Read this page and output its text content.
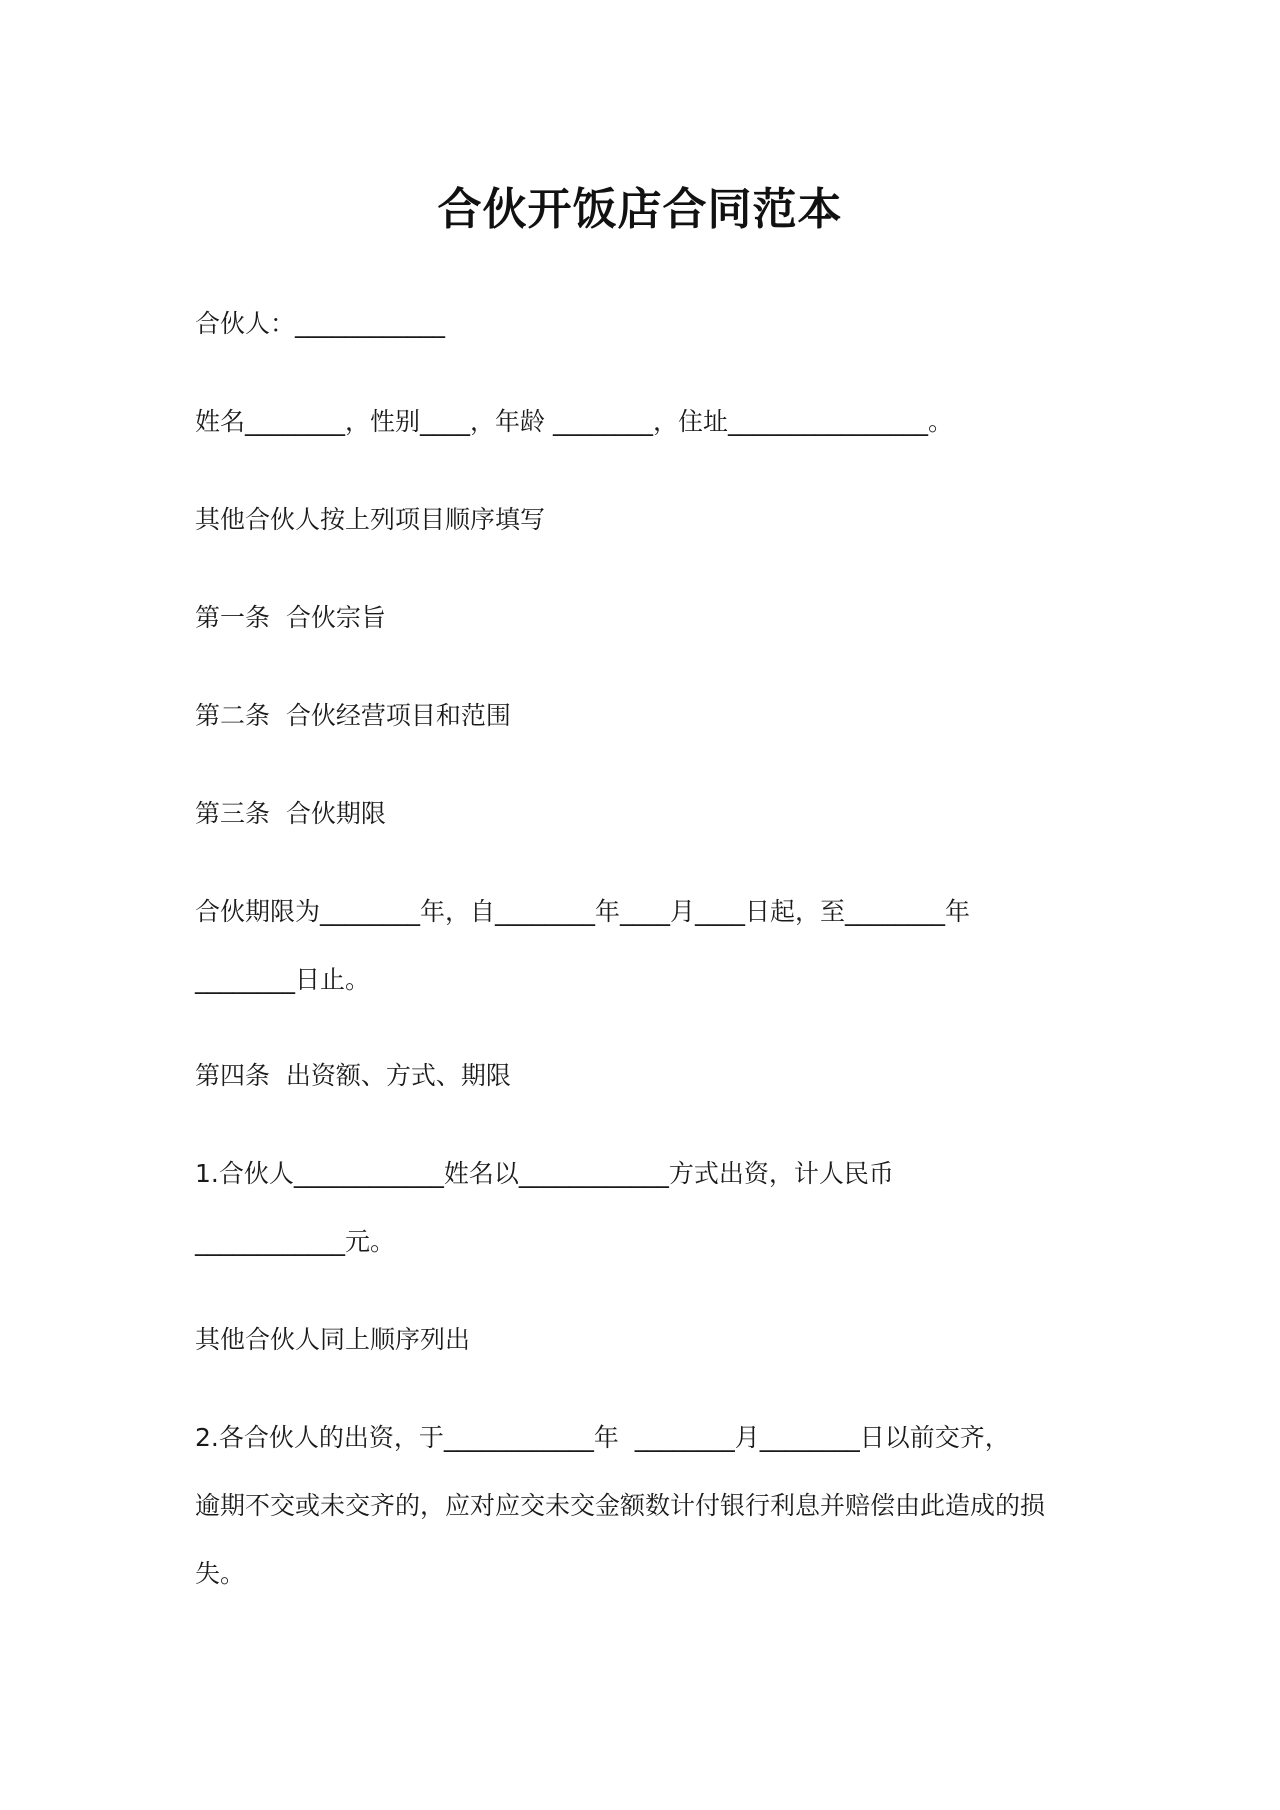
合伙开饭店合同范本

合伙人：____________

姓名________，性别____，年龄 ________，住址________________。

其他合伙人按上列项目顺序填写

第一条  合伙宗旨

第二条  合伙经营项目和范围

第三条  合伙期限

合伙期限为________年，自________年____月____日起，至________年

________日止。

第四条  出资额、方式、期限

1.合伙人____________姓名以____________方式出资，计人民币

____________元。

其他合伙人同上顺序列出

2.各合伙人的出资，于____________年  ________月________日以前交齐，

逾期不交或未交齐的，应对应交未交金额数计付银行利息并赔偿由此造成的损

失。
